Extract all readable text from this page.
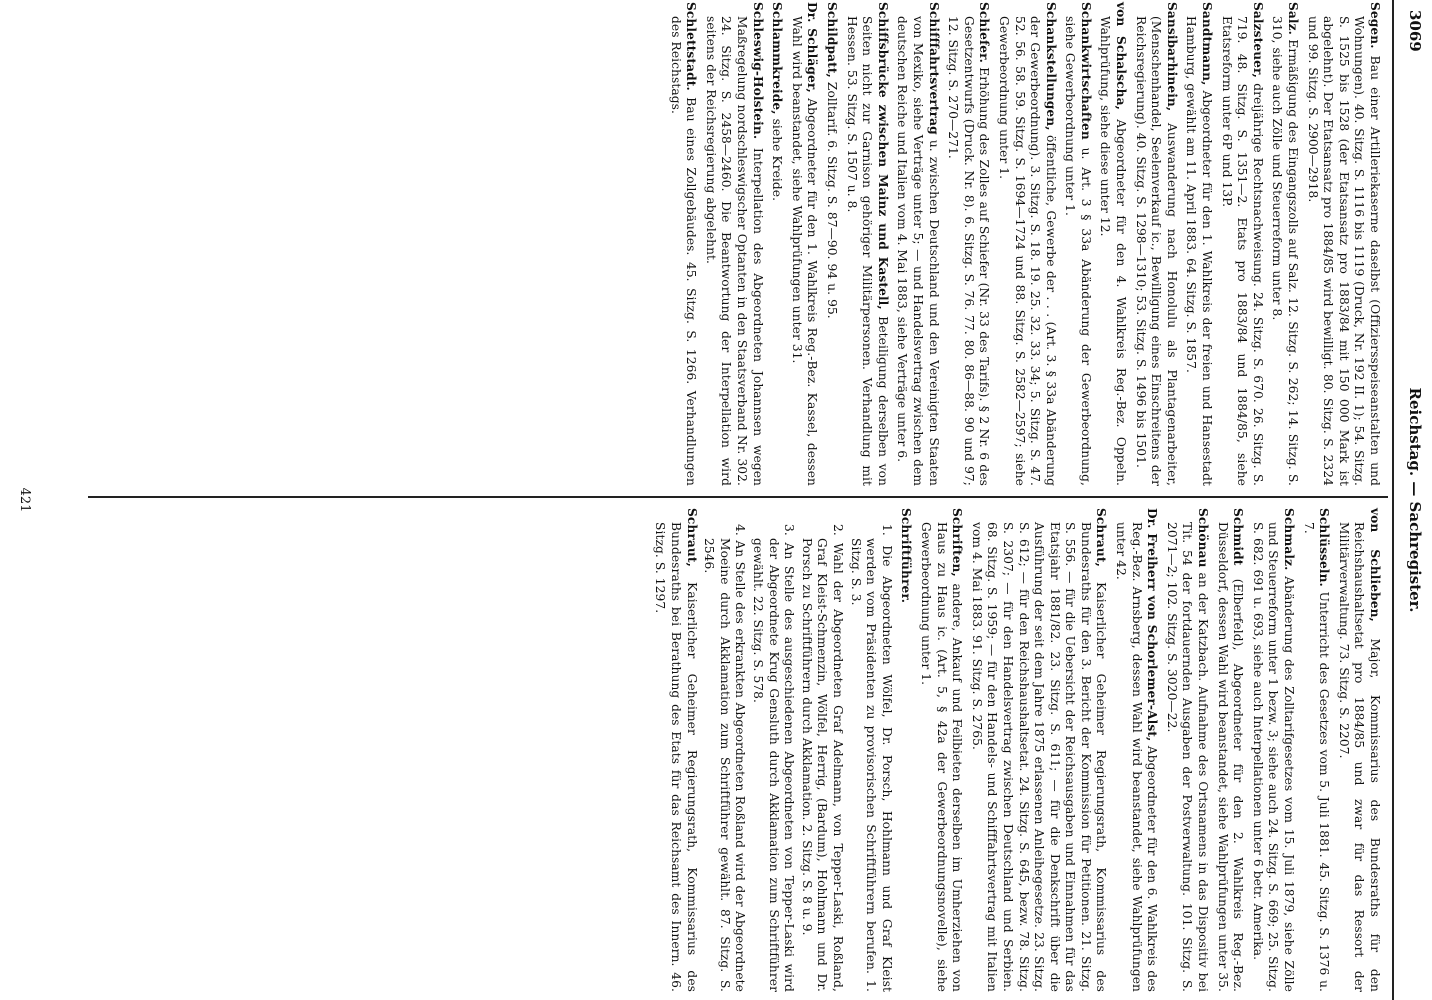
3069
Reichstag. — Sachregister.

Segen. Bau einer Artilleriekaserne daselbst (Offiziersspeiseanstalten und Wohnungen). 40. Sitzg. S. 1116 bis 1119 (Druck, Nr. 192 II. 1); 54. Sitzg. S. 1525 bis 1528 (der Etatsansatz pro 1883/84 mit 150 000 Mark ist abgelehnt). Der Etatsansatz pro 1884/85 wird bewilligt. 80. Sitzg. S. 2324 und 99. Sitzg. S. 2900—2918.

Salz. Ermäßigung des Eingangszolls auf Salz. 12. Sitzg. S. 262; 14. Sitzg. S. 310, siehe auch Zölle und Steuerreform unter 8.

Salzsteuer, dreijährige Rechtsnachweisung. 24. Sitzg. S. 670. 26. Sitzg. S. 719. 48. Sitzg. S. 1351—2. Etats pro 1883/84 und 1884/85, siehe Etatsreform unter 6P und 13P.

Sandtmann, Abgeordneter für den 1. Wahlkreis der freien und Hansestadt Hamburg, gewählt am 11. April 1883. 64. Sitzg. S. 1857.

Sansibarhinein, Auswanderung nach Honolulu als Plantagenarbeiter, (Menschenhandel, Seelenverkauf ic., Bewilligung eines Einschreitens der Reichsregierung). 40. Sitzg. S. 1298—1310; 53. Sitzg. S. 1496 bis 1501.

von Schalscha, Abgeordneter für den 4. Wahlkreis Reg.-Bez. Oppeln. Wahlprüfung, siehe diese unter 12.

Schankwirtschaften u. Art. 3 § 33a Abänderung der Gewerbeordnung, siehe Gewerbeordnung unter 1.

Schankstellungen, öffentliche, Gewerbe der . . . (Art. 3. § 33a Abänderung der Gewerbeordnung). 3. Sitzg. S. 18. 19. 25. 32. 33. 34; 5. Sitzg. S. 47. 52. 56. 58. 59. Sitzg. S. 1694—1724 und 88. Sitzg. S. 2582—2597; siehe Gewerbeordnung unter 1.

Schiefer. Erhöhung des Zolles auf Schiefer (Nr. 33 des Tarifs). § 2 Nr. 6 des Gesetzentwurfs (Druck. Nr. 8). 6. Sitzg. S. 76. 77. 80. 86—88. 90 und 97; 12. Sitzg. S. 270—271.

Schifffahrtsvertrag u. zwischen Deutschland und den Vereinigten Staaten von Mexiko, siehe Verträge unter 5; — und Handelsvertrag zwischen dem deutschen Reiche und Italien vom 4. Mai 1883, siehe Verträge unter 6.

Schiffsbrücke zwischen Mainz und Kastell, Beteiligung derselben von Seiten nicht zur Garnison gehöriger Militärpersonen. Verhandlung mit Hessen. 53. Sitzg. S. 1507 u. 8.

Schildpatt, Zolltarif. 6. Sitzg. S. 87—90. 94 u. 95.

Dr. Schläger, Abgeordneter für den 1. Wahlkreis Reg.-Bez. Kassel, dessen Wahl wird beanstandet, siehe Wahlprüfungen unter 31.

Schlammkreide, siehe Kreide.

Schleswig-Holstein. Interpellation des Abgeordneten Johannsen wegen Maßregelung nordschleswigscher Optanten in den Staatsverband Nr. 302. 24. Sitzg. S. 2458—2460. Die Beantwortung der Interpellation wird seitens der Reichsregierung abgelehnt.

Schlettstadt. Bau eines Zollgebäudes. 45. Sitzg. S. 1266. Verhandlungen des Reichstags.

von Schlieben, Major, Kommissarius des Bundesraths für den Reichshaushaltsetat pro 1884/85 und zwar für das Ressort der Militärverwaltung. 73. Sitzg. S. 2207.

Schlüsseln. Unterricht des Gesetzes vom 5. Juli 1881. 45. Sitzg. S. 1376 u. 7.

Schmalz. Abänderung des Zolltarifgesetzes vom 15. Juli 1879, siehe Zölle und Steuerreform unter 1 bezw. 3; siehe auch 24. Sitzg. S. 669; 25. Sitzg. S. 682. 691 u. 693, siehe auch Interpellationen unter 6 betr. Amerika.

Schmidt (Elberfeld), Abgeordneter für den 2. Wahlkreis Reg.-Bez. Düsseldorf, dessen Wahl wird beanstandet, siehe Wahlprüfungen unter 35.

Schönau an der Katzbach. Aufnahme des Ortsnamens in das Dispositiv bei Tit. 54 der fortdauernden Ausgaben der Postverwaltung. 101. Sitzg. S. 2071—2; 102. Sitzg. S. 3020—22.

Dr. Freiherr von Schorlemer-Alst, Abgeordneter für den 6. Wahlkreis des Reg.-Bez. Arnsberg, dessen Wahl wird beanstandet, siehe Wahlprüfungen unter 42.

Schraut, Kaiserlicher Geheimer Regierungsrath, Kommissarius des Bundesraths für den 3. Bericht der Kommission für Petitionen. 21. Sitzg. S. 556. — für die Uebersicht der Reichsausgaben und Einnahmen für das Etatsjahr 1881/82. 23. Sitzg. S. 611; — für die Denkschrift über die Ausführung der seit dem Jahre 1875 erlassenen Anleihegesetze. 23. Sitzg. S. 612; — für den Reichshaushaltsetat. 24. Sitzg. S. 645, bezw. 78. Sitzg. S. 2307; — für den Handelsvertrag zwischen Deutschland und Serbien. 68. Sitzg. S. 1959; — für den Handels- und Schifffahrtsvertrag mit Italien vom 4. Mai 1883. 91. Sitzg. S. 2765.

Schriften, andere, Ankauf und Feilbieten derselben im Umherziehen von Haus zu Haus ic. (Art. 5, § 42a der Gewerbeordnungsnovelle), siehe Gewerbeordnung unter 1.

Schriftführer.

1. Die Abgeordneten Wölfel, Dr. Porsch, Hohlmann und Graf Kleist werden vom Präsidenten zu provisorischen Schriftführern berufen. 1. Sitzg. S. 3.

2. Wahl der Abgeordneten Graf Adelmann, von Tepper-Laski, Roßland, Graf Kleist-Schmenzin, Wölfel, Herrig, (Bardum), Hohlmann und Dr. Porsch zu Schriftführern durch Akklamation. 2. Sitzg. S. 8 u. 9.

3. An Stelle des ausgeschiedenen Abgeordneten von Tepper-Laski wird der Abgeordnete Krug Gensluth durch Akklamation zum Schriftführer gewählt. 22. Sitzg. S. 578.

4. An Stelle des erkrankten Abgeordneten Roßland wird der Abgeordnete Moeine durch Akklamation zum Schriftführer gewählt. 87. Sitzg. S. 2546.

Schraut, Kaiserlicher Geheimer Regierungsrath, Kommissarius des Bundesraths bei Berathung des Etats für das Reichsamt des Innern. 46. Sitzg. S. 1297.

421
